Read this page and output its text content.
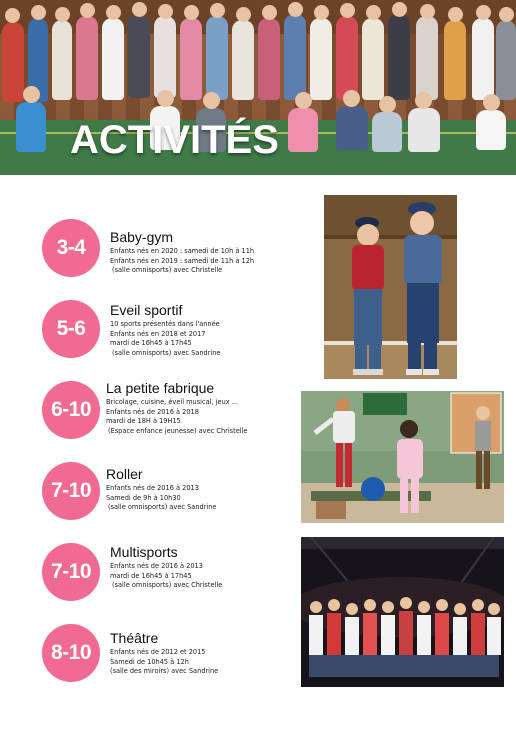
ACTIVITÉS
3-4	Baby-gym
Enfants nés en 2020 : samedi de 10h à 11h
Enfants nés en 2019 : samedi de 11h à 12h
(salle omnisports) avec Christelle
5-6
Eveil sportif
10 sports présentés dans l'année
Enfants nés en 2018 et 2017
mardi de 16h45 à 17h45
(salle omnisports) avec Sandrine
6-10
La petite fabrique
Bricolage, cuisine, éveil musical, jeux ...
Enfants nés de 2016 à 2018
mardi de 18H à 19H15
(Espace enfance jeunesse) avec Christelle
7-10
Roller
Enfants nés de 2016 à 2013
Samedi de 9h à 10h30
(salle omnisports) avec Sandrine
7-10
Multisports
Enfants nés de 2016 à 2013
mardi de 16h45 à 17h45
(salle omnisports) avec Christelle
8-10
Théâtre
Enfants nés de 2012 et 2015
Samedi de 10h45 à 12h
(salle des miroirs) avec Sandrine
